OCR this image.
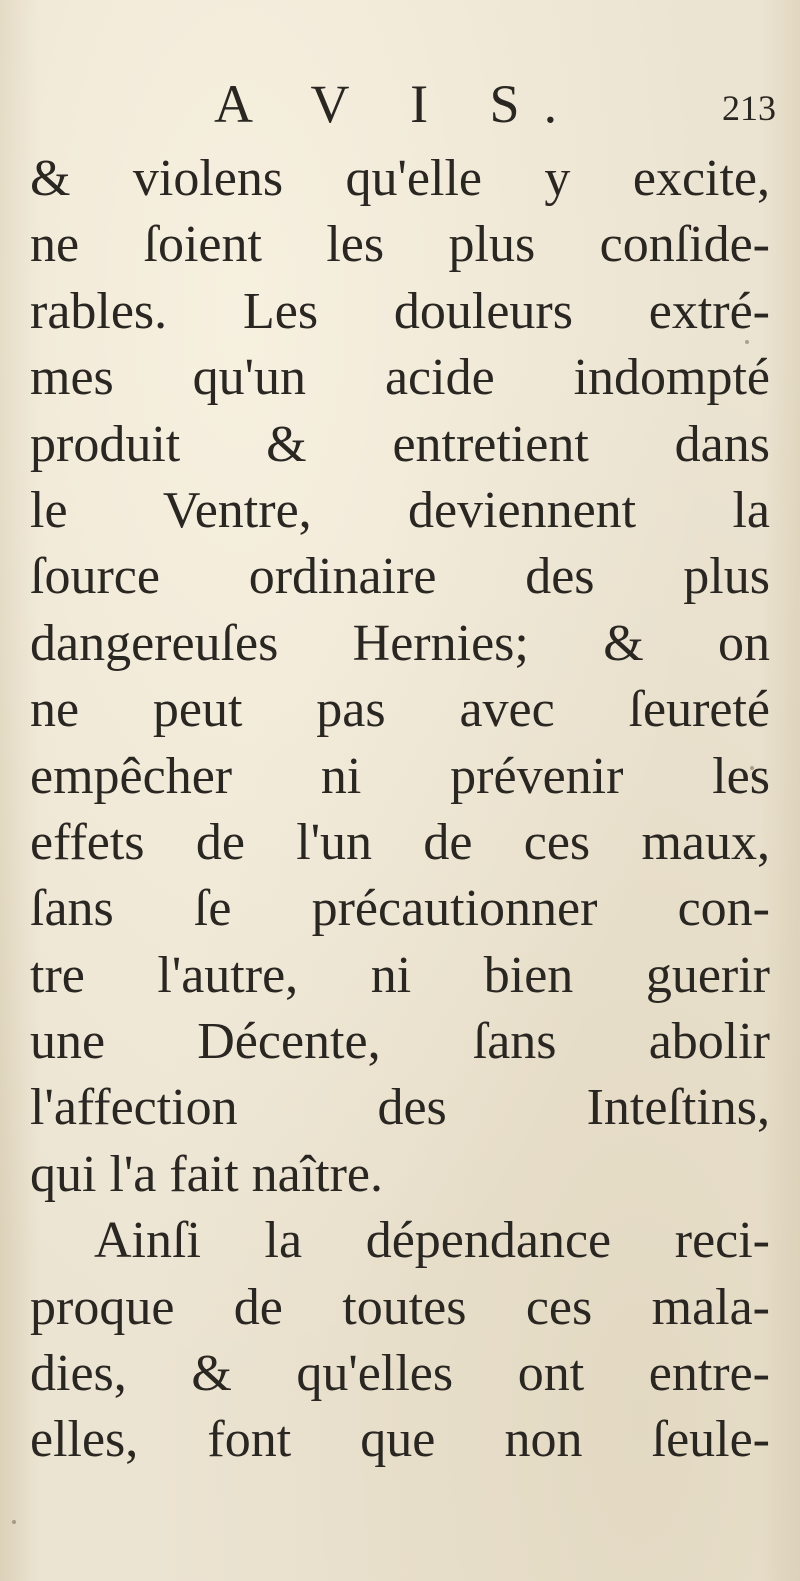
A V I S.	213
& violens qu'elle y excite,
ne ſoient les plus conſide-
rables. Les douleurs extré-
mes qu'un acide indompté
produit & entretient dans
le Ventre, deviennent la
ſource ordinaire des plus
dangereuſes Hernies; & on
ne peut pas avec ſeureté
empêcher ni prévenir les
effets de l'un de ces maux,
ſans ſe précautionner con-
tre l'autre, ni bien guerir
une Décente, ſans abolir
l'affection des Inteſtins,
qui l'a fait naître.
Ainſi la dépendance reci-
proque de toutes ces mala-
dies, & qu'elles ont entre-
elles, font que non ſeule-
